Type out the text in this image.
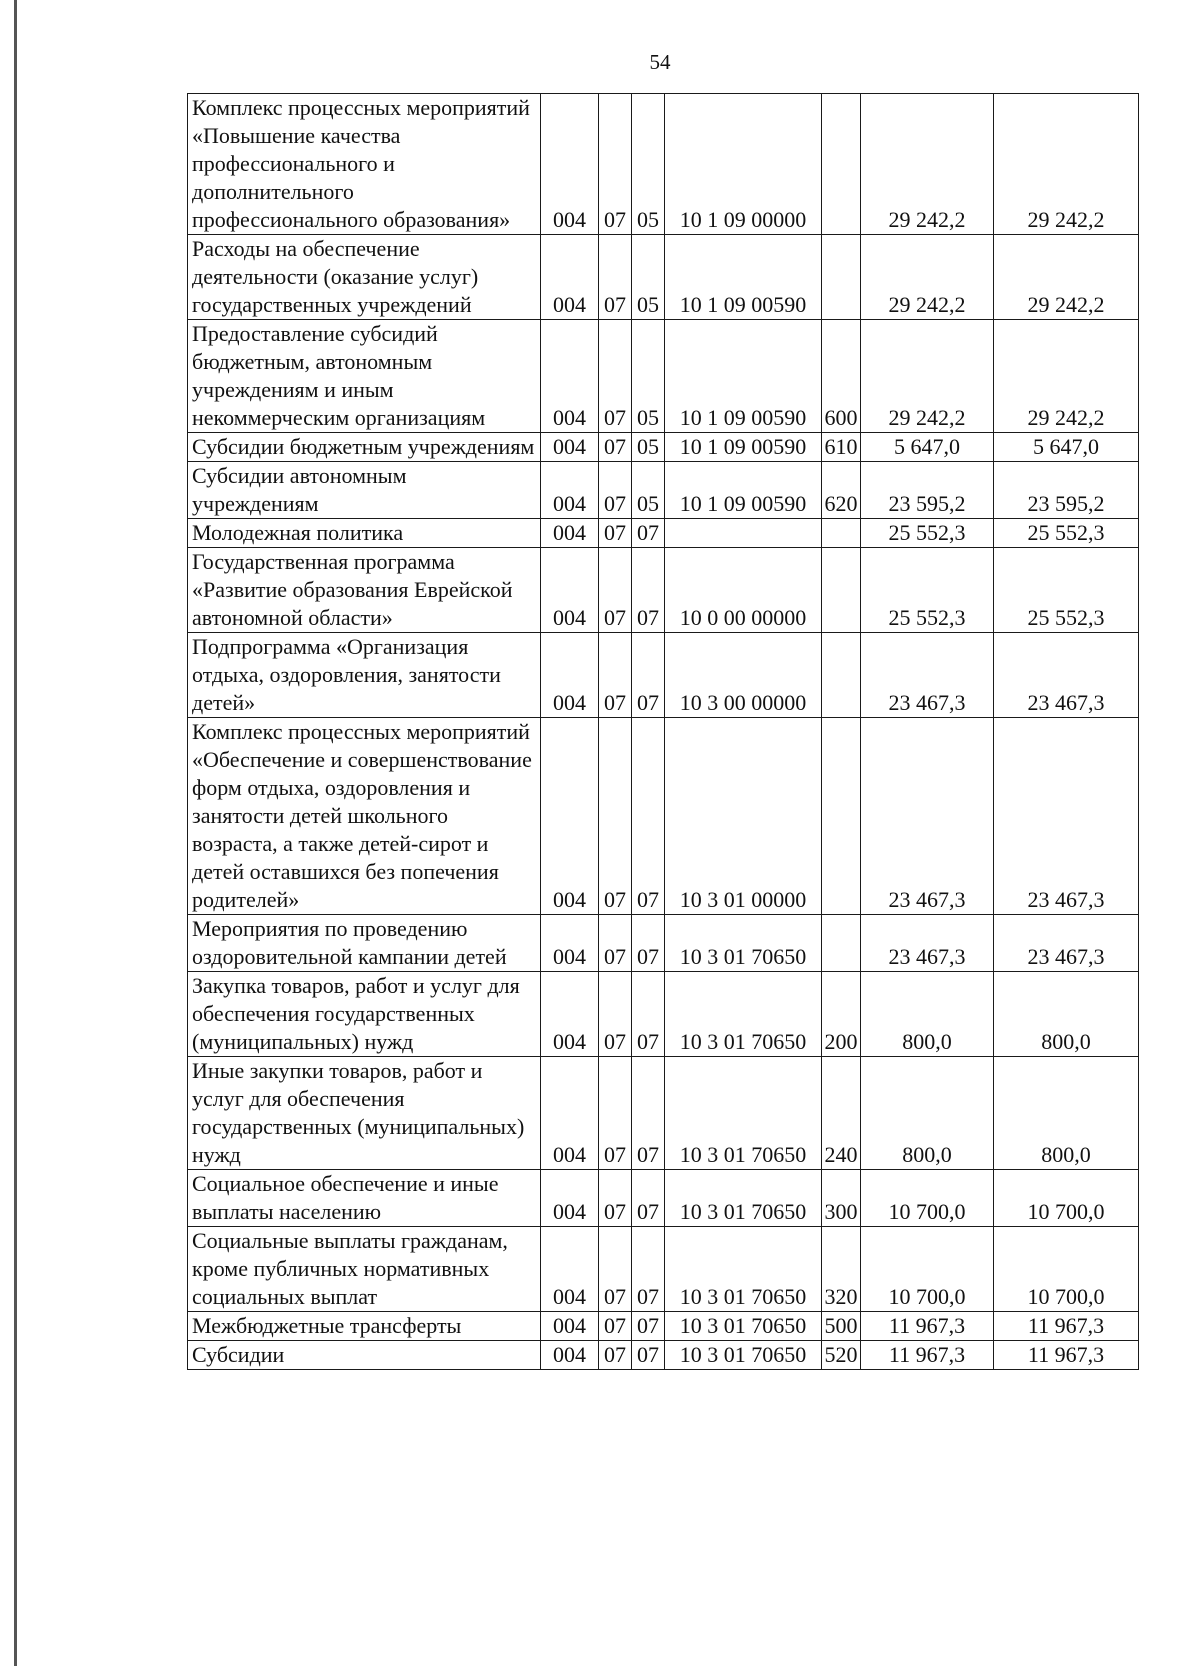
54
Комплекс процессных мероприятий «Повышение качества профессионального и дополнительного профессионального образования»	004	07	05	10 1 09 00000		29 242,2	29 242,2

Расходы на обеспечение деятельности (оказание услуг) государственных учреждений	004	07	05	10 1 09 00590		29 242,2	29 242,2

Предоставление субсидий бюджетным, автономным учреждениям и иным некоммерческим организациям	004	07	05	10 1 09 00590	600	29 242,2	29 242,2

Субсидии бюджетным учреждениям	004	07	05	10 1 09 00590	610	5 647,0	5 647,0

Субсидии автономным учреждениям	004	07	05	10 1 09 00590	620	23 595,2	23 595,2

Молодежная политика	004	07	07			25 552,3	25 552,3

Государственная программа «Развитие образования Еврейской автономной области»	004	07	07	10 0 00 00000		25 552,3	25 552,3

Подпрограмма «Организация отдыха, оздоровления, занятости детей»	004	07	07	10 3 00 00000		23 467,3	23 467,3

Комплекс процессных мероприятий «Обеспечение и совершенствование форм отдыха, оздоровления и занятости детей школьного возраста, а также детей-сирот и детей оставшихся без попечения родителей»	004	07	07	10 3 01 00000		23 467,3	23 467,3

Мероприятия по проведению оздоровительной кампании детей	004	07	07	10 3 01 70650		23 467,3	23 467,3

Закупка товаров, работ и услуг для обеспечения государственных (муниципальных) нужд	004	07	07	10 3 01 70650	200	800,0	800,0

Иные закупки товаров, работ и услуг для обеспечения государственных (муниципальных) нужд	004	07	07	10 3 01 70650	240	800,0	800,0

Социальное обеспечение и иные выплаты населению	004	07	07	10 3 01 70650	300	10 700,0	10 700,0

Социальные выплаты гражданам, кроме публичных нормативных социальных выплат	004	07	07	10 3 01 70650	320	10 700,0	10 700,0

Межбюджетные трансферты	004	07	07	10 3 01 70650	500	11 967,3	11 967,3

Субсидии	004	07	07	10 3 01 70650	520	11 967,3	11 967,3
